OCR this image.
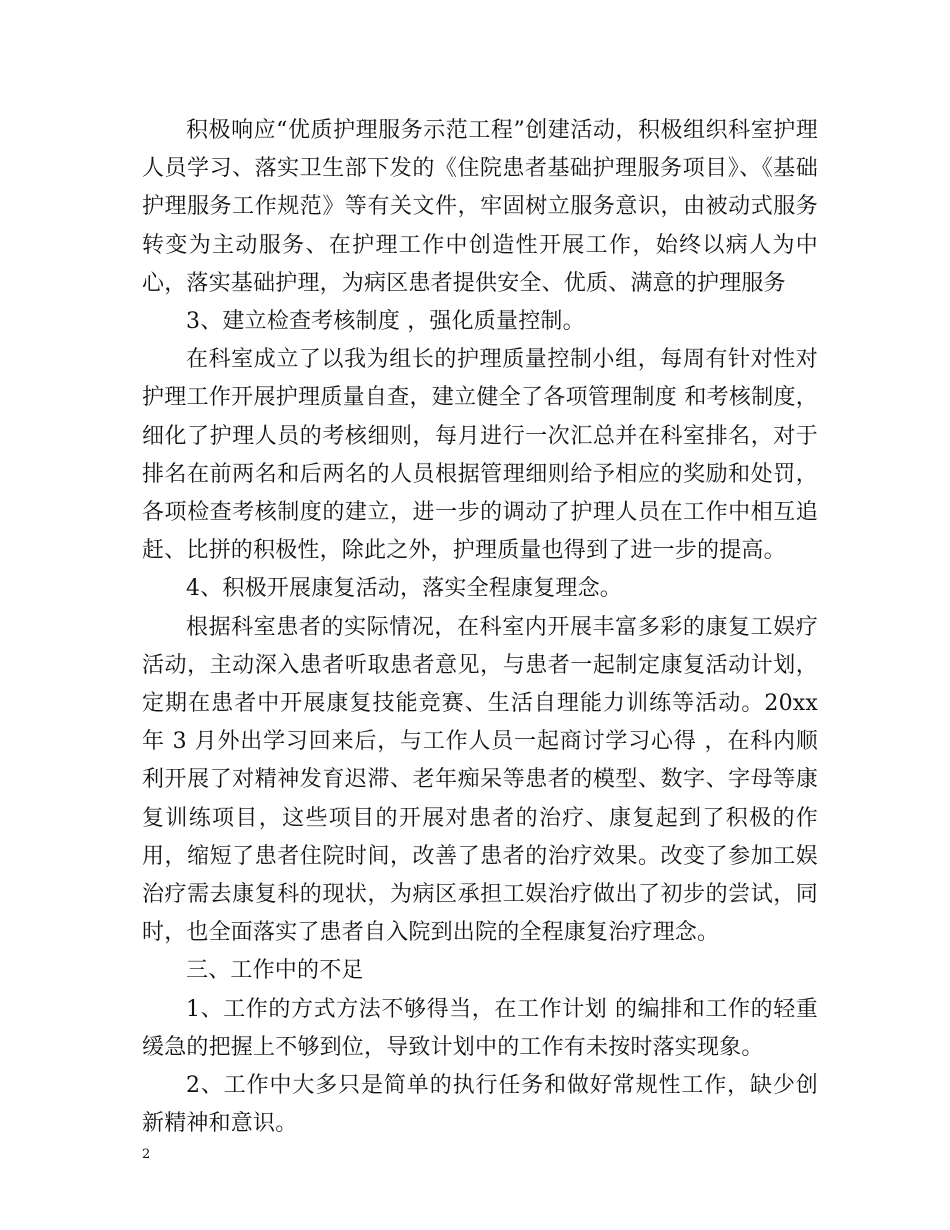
积极响应“优质护理服务示范工程”创建活动，积极组织科室护理人员学习、落实卫生部下发的《住院患者基础护理服务项目》、《基础护理服务工作规范》等有关文件，牢固树立服务意识，由被动式服务转变为主动服务、在护理工作中创造性开展工作，始终以病人为中心，落实基础护理，为病区患者提供安全、优质、满意的护理服务

3、建立检查考核制度 ，强化质量控制。

在科室成立了以我为组长的护理质量控制小组，每周有针对性对护理工作开展护理质量自查，建立健全了各项管理制度 和考核制度，细化了护理人员的考核细则，每月进行一次汇总并在科室排名，对于排名在前两名和后两名的人员根据管理细则给予相应的奖励和处罚，各项检查考核制度的建立，进一步的调动了护理人员在工作中相互追赶、比拼的积极性，除此之外，护理质量也得到了进一步的提高。

4、积极开展康复活动，落实全程康复理念。

根据科室患者的实际情况，在科室内开展丰富多彩的康复工娱疗活动，主动深入患者听取患者意见，与患者一起制定康复活动计划，定期在患者中开展康复技能竞赛、生活自理能力训练等活动。20xx 年 3 月外出学习回来后，与工作人员一起商讨学习心得 ，在科内顺利开展了对精神发育迟滞、老年痴呆等患者的模型、数字、字母等康复训练项目，这些项目的开展对患者的治疗、康复起到了积极的作用，缩短了患者住院时间，改善了患者的治疗效果。改变了参加工娱治疗需去康复科的现状，为病区承担工娱治疗做出了初步的尝试，同时，也全面落实了患者自入院到出院的全程康复治疗理念。

三、工作中的不足

1、工作的方式方法不够得当，在工作计划 的编排和工作的轻重缓急的把握上不够到位，导致计划中的工作有未按时落实现象。

2、工作中大多只是简单的执行任务和做好常规性工作，缺少创新精神和意识。

2
